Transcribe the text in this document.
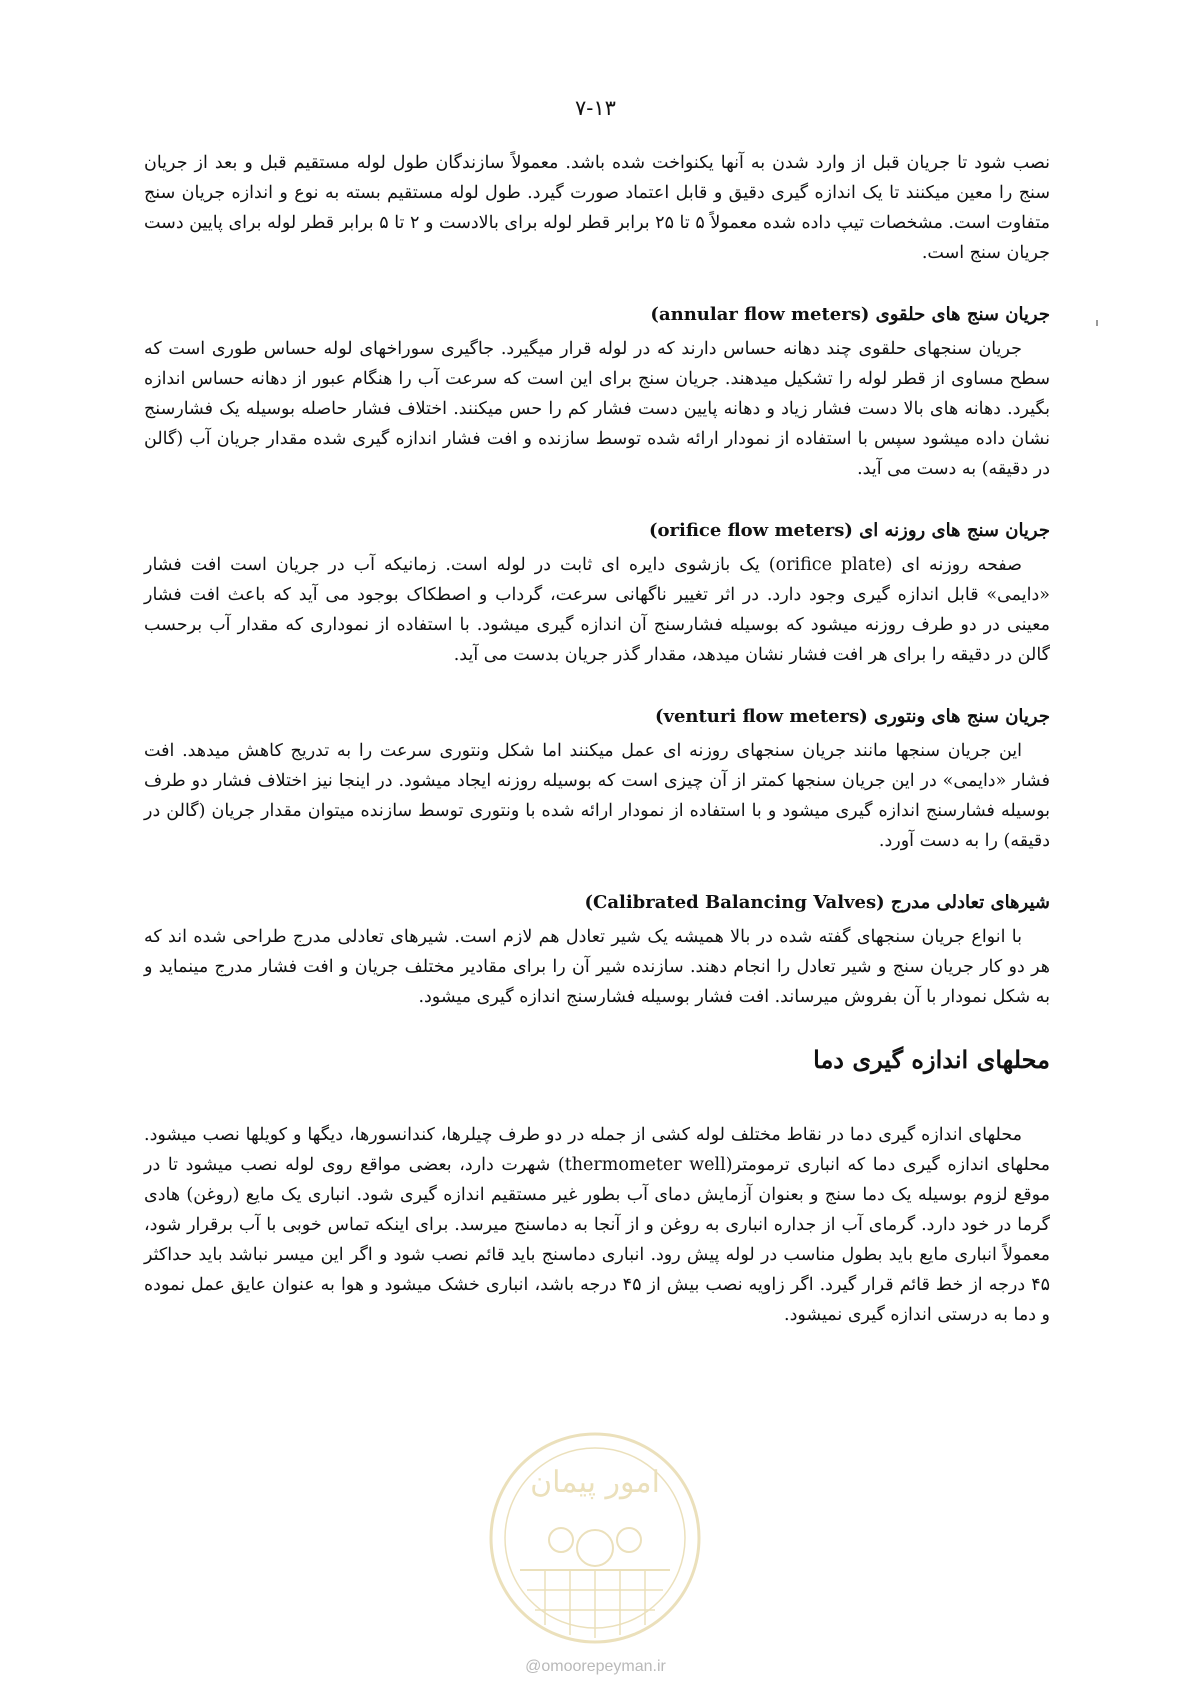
۷-۱۳

نصب شود تا جریان قبل از وارد شدن به آنها یکنواخت شده باشد. معمولاً سازندگان طول لوله مستقیم قبل و بعد از جریان سنج را معین میکنند تا یک اندازه گیری دقیق و قابل اعتماد صورت گیرد. طول لوله مستقیم بسته به نوع و اندازه جریان سنج متفاوت است. مشخصات تیپ داده شده معمولاً ۵ تا ۲۵ برابر قطر لوله برای بالادست و ۲ تا ۵ برابر قطر لوله برای پایین دست جریان سنج است.

جریان سنج های حلقوی (annular flow meters)

جریان سنجهای حلقوی چند دهانه حساس دارند که در لوله قرار میگیرد. جاگیری سوراخهای لوله حساس طوری است که سطح مساوی از قطر لوله را تشکیل میدهند. جریان سنج برای این است که سرعت آب را هنگام عبور از دهانه حساس اندازه بگیرد. دهانه های بالا دست فشار زیاد و دهانه پایین دست فشار کم را حس میکنند. اختلاف فشار حاصله بوسیله یک فشارسنج نشان داده میشود سپس با استفاده از نمودار ارائه شده توسط سازنده و افت فشار اندازه گیری شده مقدار جریان آب (گالن در دقیقه) به دست می آید.

جریان سنج های روزنه ای (orifice flow meters)

صفحه روزنه ای (orifice plate) یک بازشوی دایره ای ثابت در لوله است. زمانیکه آب در جریان است افت فشار «دایمی» قابل اندازه گیری وجود دارد. در اثر تغییر ناگهانی سرعت، گرداب و اصطکاک بوجود می آید که باعث افت فشار معینی در دو طرف روزنه میشود که بوسیله فشارسنج آن اندازه گیری میشود. با استفاده از نموداری که مقدار آب برحسب گالن در دقیقه را برای هر افت فشار نشان میدهد، مقدار گذر جریان بدست می آید.

جریان سنج های ونتوری (venturi flow meters)

این جریان سنجها مانند جریان سنجهای روزنه ای عمل میکنند اما شکل ونتوری سرعت را به تدریج کاهش میدهد. افت فشار «دایمی» در این جریان سنجها کمتر از آن چیزی است که بوسیله روزنه ایجاد میشود. در اینجا نیز اختلاف فشار دو طرف بوسیله فشارسنج اندازه گیری میشود و با استفاده از نمودار ارائه شده با ونتوری توسط سازنده میتوان مقدار جریان (گالن در دقیقه) را به دست آورد.

شیرهای تعادلی مدرج (Calibrated Balancing Valves)

با انواع جریان سنجهای گفته شده در بالا همیشه یک شیر تعادل هم لازم است. شیرهای تعادلی مدرج طراحی شده اند که هر دو کار جریان سنج و شیر تعادل را انجام دهند. سازنده شیر آن را برای مقادیر مختلف جریان و افت فشار مدرج مینماید و به شکل نمودار با آن بفروش میرساند. افت فشار بوسیله فشارسنج اندازه گیری میشود.

محلهای اندازه گیری دما

محلهای اندازه گیری دما در نقاط مختلف لوله کشی از جمله در دو طرف چیلرها، کندانسورها، دیگها و کویلها نصب میشود. محلهای اندازه گیری دما که انباری ترمومتر(thermometer well) شهرت دارد، بعضی مواقع روی لوله نصب میشود تا در موقع لزوم بوسیله یک دما سنج و بعنوان آزمایش دمای آب بطور غیر مستقیم اندازه گیری شود. انباری یک مایع (روغن) هادی گرما در خود دارد. گرمای آب از جداره انباری به روغن و از آنجا به دماسنج میرسد. برای اینکه تماس خوبی با آب برقرار شود، معمولاً انباری مایع باید بطول مناسب در لوله پیش رود. انباری دماسنج باید قائم نصب شود و اگر این میسر نباشد باید حداکثر ۴۵ درجه از خط قائم قرار گیرد. اگر زاویه نصب بیش از ۴۵ درجه باشد، انباری خشک میشود و هوا به عنوان عایق عمل نموده و دما به درستی اندازه گیری نمیشود.

امور پیمان
@omoorepeyman.ir
